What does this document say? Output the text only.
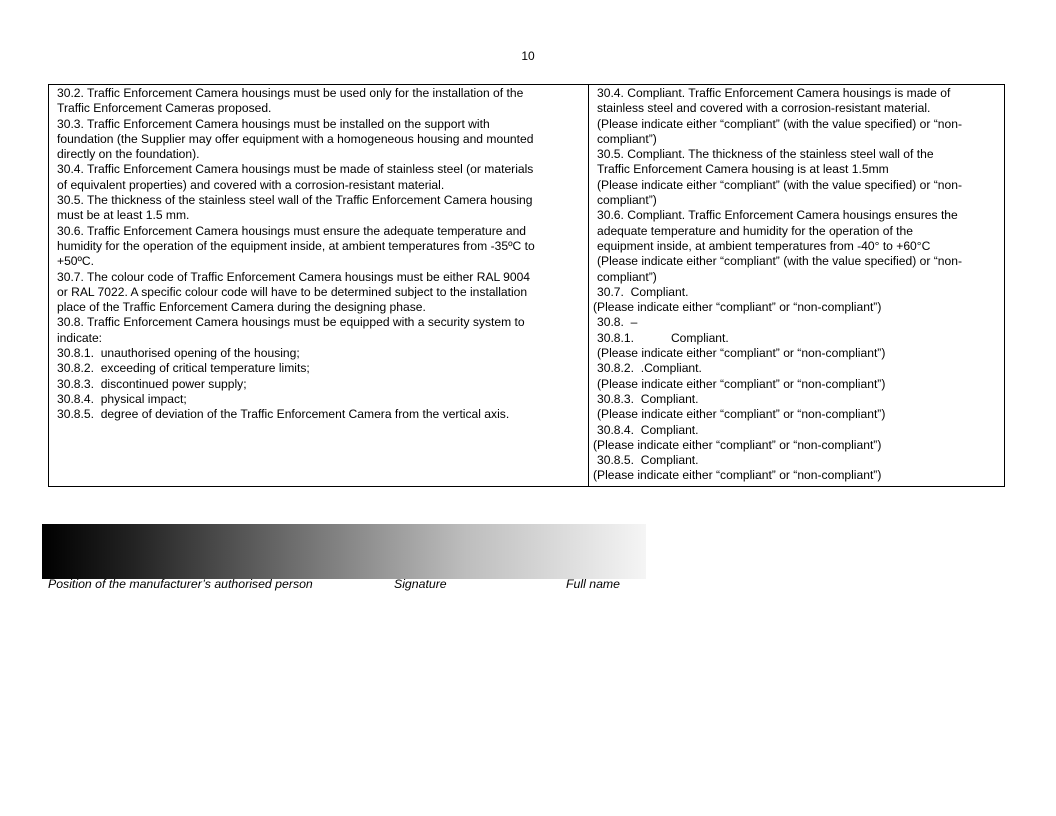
10
30.2. Traffic Enforcement Camera housings must be used only for the installation of the
Traffic Enforcement Cameras proposed.
30.3. Traffic Enforcement Camera housings must be installed on the support with
foundation (the Supplier may offer equipment with a homogeneous housing and mounted
directly on the foundation).
30.4. Traffic Enforcement Camera housings must be made of stainless steel (or materials
of equivalent properties) and covered with a corrosion-resistant material.
30.5. The thickness of the stainless steel wall of the Traffic Enforcement Camera housing
must be at least 1.5 mm.
30.6. Traffic Enforcement Camera housings must ensure the adequate temperature and
humidity for the operation of the equipment inside, at ambient temperatures from -35ºC to
+50ºC.
30.7. The colour code of Traffic Enforcement Camera housings must be either RAL 9004
or RAL 7022. A specific colour code will have to be determined subject to the installation
place of the Traffic Enforcement Camera during the designing phase.
30.8. Traffic Enforcement Camera housings must be equipped with a security system to
indicate:
30.8.1.  unauthorised opening of the housing;
30.8.2.  exceeding of critical temperature limits;
30.8.3.  discontinued power supply;
30.8.4.  physical impact;
30.8.5.  degree of deviation of the Traffic Enforcement Camera from the vertical axis.

30.4. Compliant. Traffic Enforcement Camera housings is made of
stainless steel and covered with a corrosion-resistant material.
(Please indicate either “compliant” (with the value specified) or “non-
compliant”)
30.5. Compliant. The thickness of the stainless steel wall of the
Traffic Enforcement Camera housing is at least 1.5mm
(Please indicate either “compliant” (with the value specified) or “non-
compliant”)
30.6. Compliant. Traffic Enforcement Camera housings ensures the
adequate temperature and humidity for the operation of the
equipment inside, at ambient temperatures from -40° to +60°C
(Please indicate either “compliant” (with the value specified) or “non-
compliant”)
30.7.  Compliant.
(Please indicate either “compliant” or “non-compliant”)
30.8.  –
30.8.1.           Compliant.
(Please indicate either “compliant” or “non-compliant”)
30.8.2.  .Compliant.
(Please indicate either “compliant” or “non-compliant”)
30.8.3.  Compliant.
(Please indicate either “compliant” or “non-compliant”)
30.8.4.  Compliant.
(Please indicate either “compliant” or “non-compliant”)
30.8.5.  Compliant.
(Please indicate either “compliant” or “non-compliant”)
Position of the manufacturer’s authorised person	Signature	Full name
